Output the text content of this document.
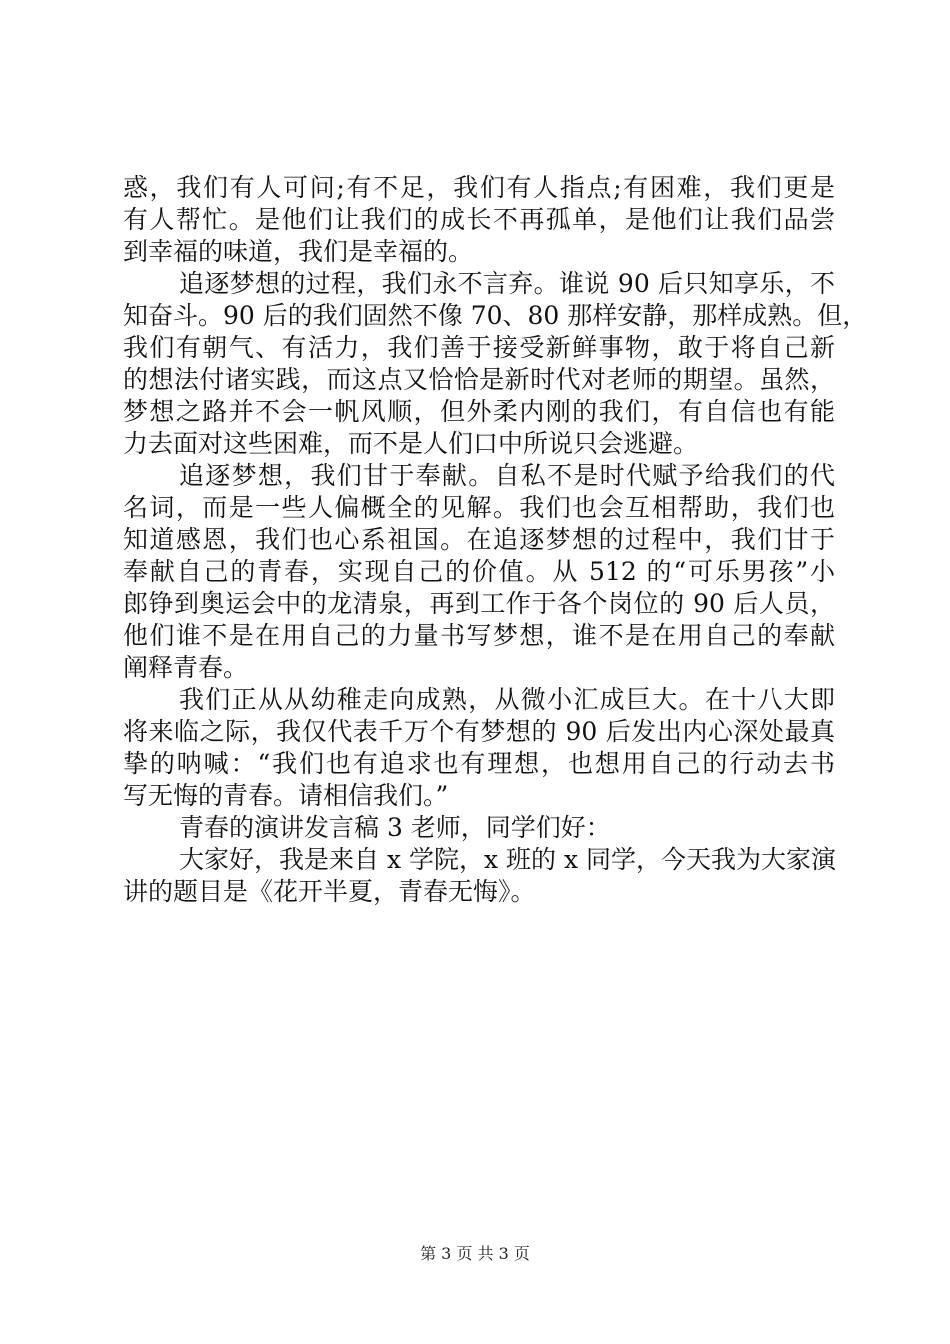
惑，我们有人可问;有不足，我们有人指点;有困难，我们更是
有人帮忙。是他们让我们的成长不再孤单，是他们让我们品尝
到幸福的味道，我们是幸福的。
追逐梦想的过程，我们永不言弃。谁说 90 后只知享乐，不
知奋斗。90 后的我们固然不像 70、80 那样安静，那样成熟。但，
我们有朝气、有活力，我们善于接受新鲜事物，敢于将自己新
的想法付诸实践，而这点又恰恰是新时代对老师的期望。虽然，
梦想之路并不会一帆风顺，但外柔内刚的我们，有自信也有能
力去面对这些困难，而不是人们口中所说只会逃避。
追逐梦想，我们甘于奉献。自私不是时代赋予给我们的代
名词，而是一些人偏概全的见解。我们也会互相帮助，我们也
知道感恩，我们也心系祖国。在追逐梦想的过程中，我们甘于
奉献自己的青春，实现自己的价值。从 512 的“可乐男孩”小
郎铮到奥运会中的龙清泉，再到工作于各个岗位的 90 后人员，
他们谁不是在用自己的力量书写梦想，谁不是在用自己的奉献
阐释青春。
我们正从从幼稚走向成熟，从微小汇成巨大。在十八大即
将来临之际，我仅代表千万个有梦想的 90 后发出内心深处最真
挚的呐喊：“我们也有追求也有理想，也想用自己的行动去书
写无悔的青春。请相信我们。”
青春的演讲发言稿 3 老师，同学们好：
大家好，我是来自 x 学院，x 班的 x 同学，今天我为大家演
讲的题目是《花开半夏，青春无悔》。
第 3 页 共 3 页
